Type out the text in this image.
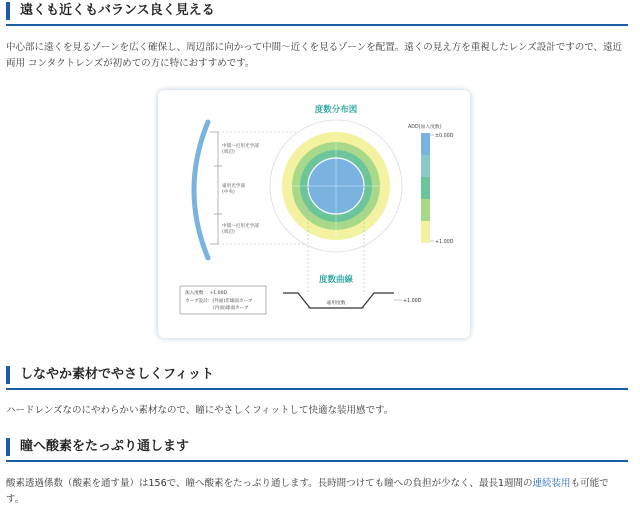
遠くも近くもバランス良く見える
中心部に遠くを見るゾーンを広く確保し、周辺部に向かって中間～近くを見るゾーンを配置。遠くの見え方を重視したレンズ設計ですので、遠近
両用 コンタクトレンズが初めての方に特におすすめです。
度数分布図
中間～近用光学部
(周辺)
遠用光学部
(中央)
中間～近用光学部
(周辺)
ADD(加入度数)
±0.00D
+1.00D
度数曲線
加入度数 ：+1.00D
カーブ設計：(外面)非球面カーブ
(内面)球面カーブ
遠用度数	+1.00D
しなやか素材でやさしくフィット
ハードレンズなのにやわらかい素材なので、瞳にやさしくフィットして快適な装用感です。
瞳へ酸素をたっぷり通します
酸素透過係数（酸素を通す量）は156で、瞳へ酸素をたっぷり通します。長時間つけても瞳への負担が少なく、最長1週間の連続装用も可能で
す。
